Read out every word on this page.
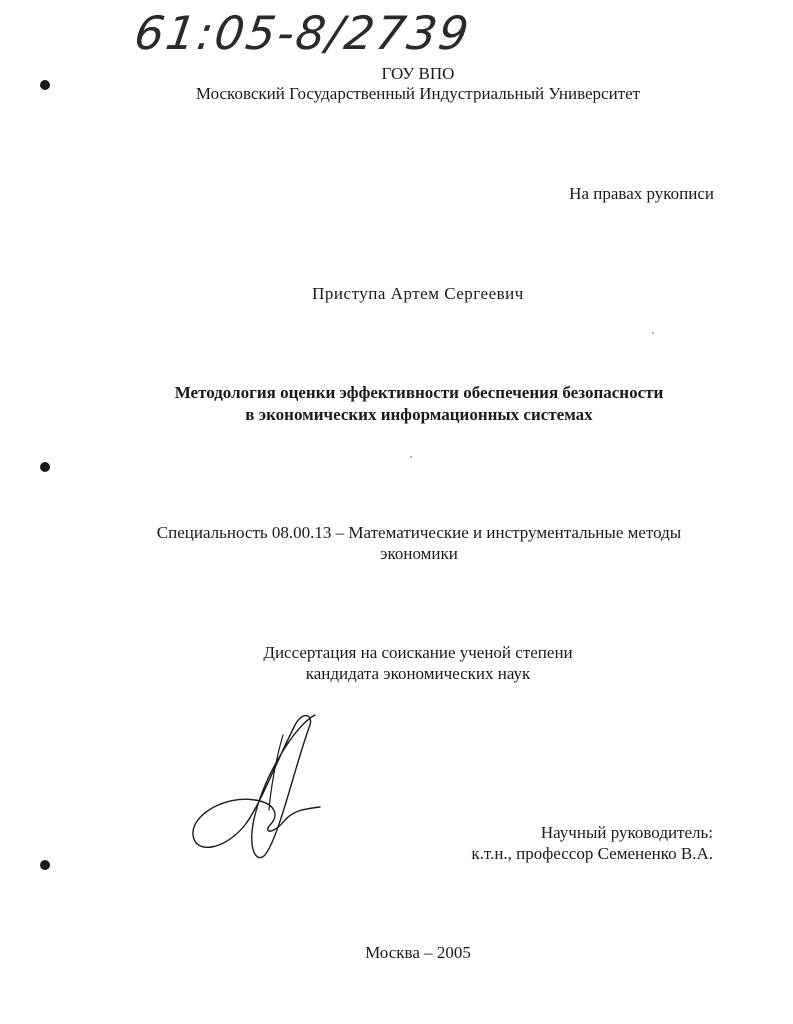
61:05-8/2739
ГОУ ВПО
Московский Государственный Индустриальный Университет
На правах рукописи
Приступа Артем Сергеевич
Методология оценки эффективности обеспечения безопасности
в экономических информационных системах
Специальность 08.00.13 – Математические и инструментальные методы
экономики
Диссертация на соискание ученой степени
кандидата экономических наук
Научный руководитель:
к.т.н., профессор Семененко В.А.
Москва – 2005
